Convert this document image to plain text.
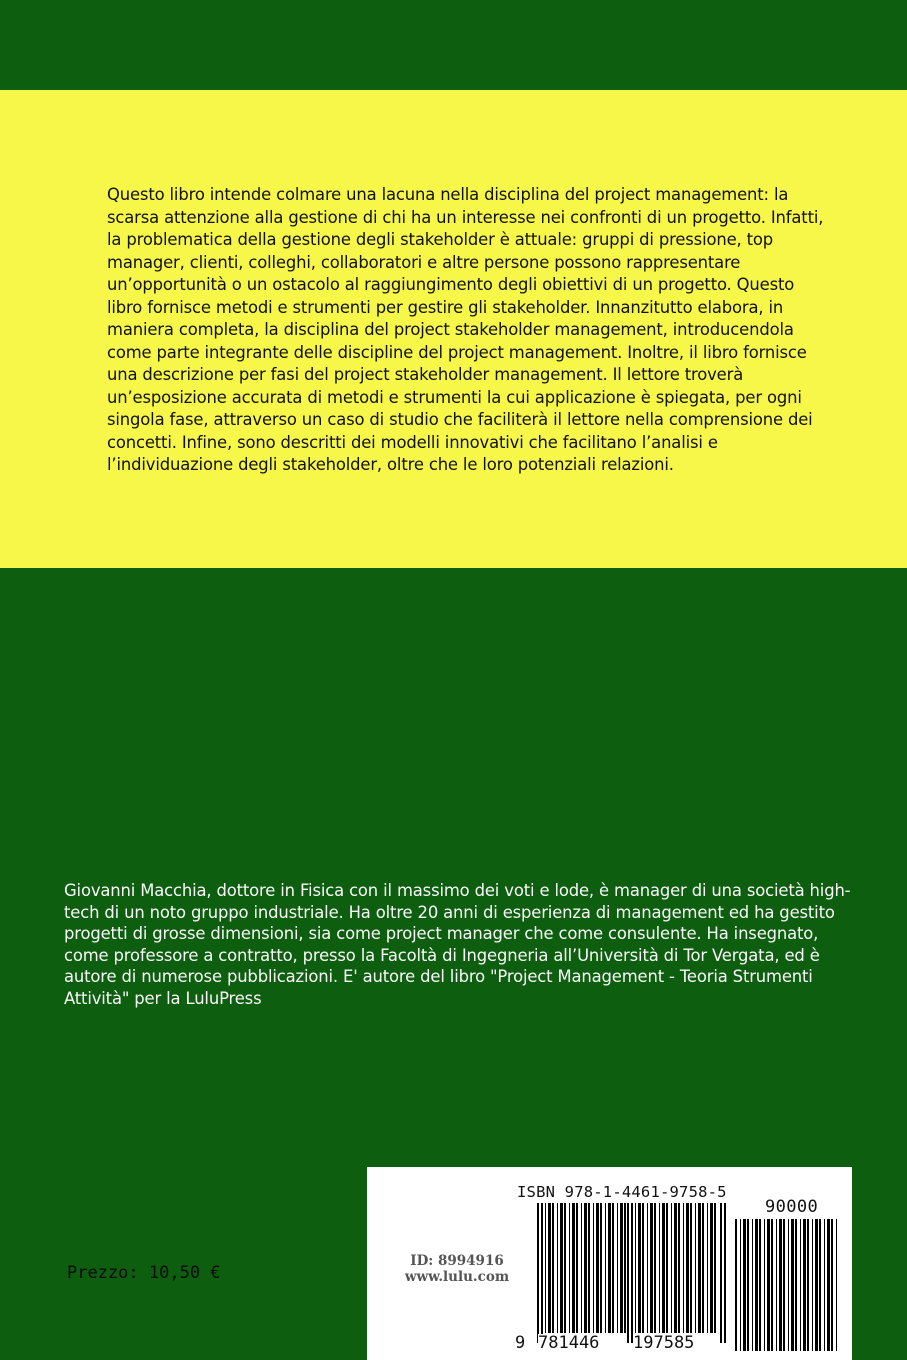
Questo libro intende colmare una lacuna nella disciplina del project management: la scarsa attenzione alla gestione di chi ha un interesse nei confronti di un progetto. Infatti, la problematica della gestione degli stakeholder è attuale: gruppi di pressione, top manager, clienti, colleghi, collaboratori e altre persone possono rappresentare un’opportunità o un ostacolo al raggiungimento degli obiettivi di un progetto. Questo libro fornisce metodi e strumenti per gestire gli stakeholder. Innanzitutto elabora, in maniera completa, la disciplina del project stakeholder management, introducendola come parte integrante delle discipline del project management. Inoltre, il libro fornisce una descrizione per fasi del project stakeholder management. Il lettore troverà un’esposizione accurata di metodi e strumenti la cui applicazione è spiegata, per ogni singola fase, attraverso un caso di studio che faciliterà il lettore nella comprensione dei concetti. Infine, sono descritti dei modelli innovativi che facilitano l’analisi e l’individuazione degli stakeholder, oltre che le loro potenziali relazioni.

Giovanni Macchia, dottore in Fisica con il massimo dei voti e lode, è manager di una società high-tech di un noto gruppo industriale. Ha oltre 20 anni di esperienza di management ed ha gestito progetti di grosse dimensioni, sia come project manager che come consulente. Ha insegnato, come professore a contratto, presso la Facoltà di Ingegneria all’Università di Tor Vergata, ed è autore di numerose pubblicazioni. E' autore del libro "Project Management - Teoria Strumenti Attività" per la LuluPress

Prezzo: 10,50 €
ISBN 978-1-4461-9758-5
90000
ID: 8994916
www.lulu.com
9 781446 197585
